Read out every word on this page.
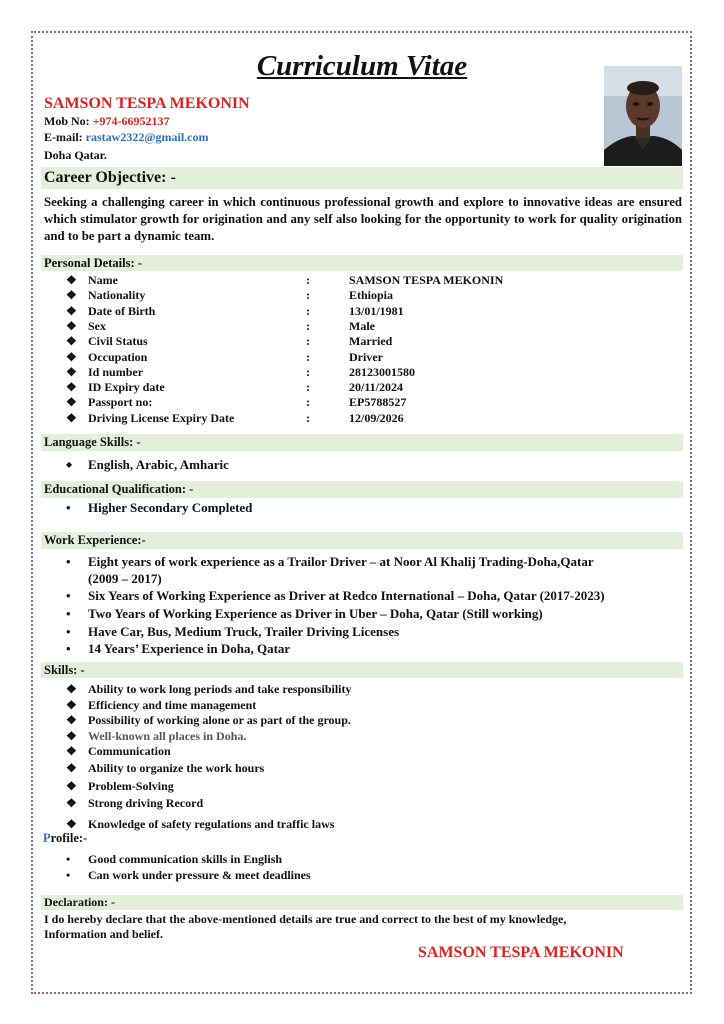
Curriculum Vitae
SAMSON TESPA MEKONIN
Mob No: +974-66952137
E-mail: rastaw2322@gmail.com
Doha Qatar.
Career Objective: -
Seeking a challenging career in which continuous professional growth and explore to innovative ideas are ensured which stimulator growth for origination and any self also looking for the opportunity to work for quality origination and to be part a dynamic team.
Personal Details: -
❖ Name	:	SAMSON TESPA MEKONIN
❖ Nationality	:	Ethiopia
❖ Date of Birth	:	13/01/1981
❖ Sex	:	Male
❖ Civil Status	:	Married
❖ Occupation	:	Driver
❖ Id number	:	28123001580
❖ ID Expiry date	:	20/11/2024
❖ Passport no:	:	EP5788527
❖ Driving License Expiry Date	:	12/09/2026
Language Skills: -
◆ English, Arabic, Amharic
Educational Qualification: -
• Higher Secondary Completed
Work Experience:-
• Eight years of work experience as a Trailor Driver – at Noor Al Khalij Trading-Doha,Qatar
(2009 – 2017)
• Six Years of Working Experience as Driver at Redco International – Doha, Qatar (2017-2023)
• Two Years of Working Experience as Driver in Uber – Doha, Qatar (Still working)
• Have Car, Bus, Medium Truck, Trailer Driving Licenses
• 14 Years’ Experience in Doha, Qatar
Skills: -
❖ Ability to work long periods and take responsibility
❖ Efficiency and time management
❖ Possibility of working alone or as part of the group.
❖ Well-known all places in Doha.
❖ Communication
❖ Ability to organize the work hours
❖ Problem-Solving
❖ Strong driving Record
❖ Knowledge of safety regulations and traffic laws
Profile:-
• Good communication skills in English
• Can work under pressure & meet deadlines
Declaration: -
I do hereby declare that the above-mentioned details are true and correct to the best of my knowledge,
Information and belief.
SAMSON TESPA MEKONIN
